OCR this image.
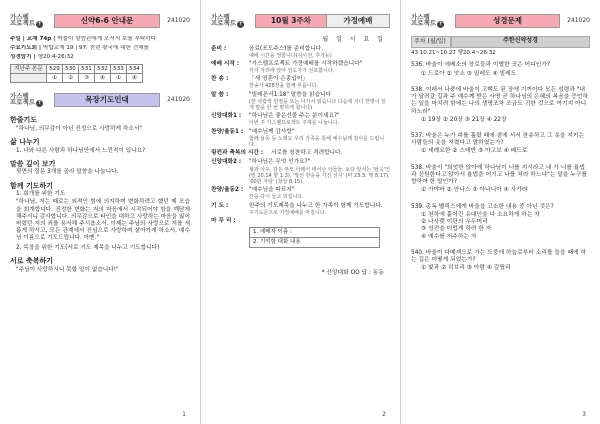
가스펠
프로젝트 ✝	신약6-6 안내문	241020
주일 | 교재 74p | 박물이 말씀관에게 오셔서 보를 부탁하다
수요기도회 | 박합교재 19 | 97. 천년 왕국에 대한 견해를
성경암기 | 행20:4-26:32
지난주 본문	529	530	531	532	533	534
	①	②	③	④	①	④
가스펠
프로젝트 ✝	목장기도인대	241020
한줄기도
"하나님, 의무감이 아닌 진정으로 사랑하게 하소서"
삶 나누기
1. 나와 다른 사람과 하나님안에서 느낀적이 있나요?
말씀 깊이 보기
뒷면의 질문 3개를 골라 말씀을 나눕니다.
함께 기도하기
1. 회개를 위한 기도
"하나님, 저는 때로는 외적인 힘에 의지하며 변화하려고 했던 제 모습을 회개합니다. 진정한 변화는 저의 마음에서 시작되어야 함을 깨닫게 해주시니 감사합니다. 의무감으로 타인을 대하고 사랑하는 마음을 잃어버렸던 저의 죄를 용서해 주시옵소서. 이제는 주님의 사랑으로 저를 새롭게 하시고, 모든 관계에서 진심으로 사랑하며 살아가게 하소서. 예수님 이름으로 기도드립니다. 아멘."
2. 목장을 위한 기도(서로 기도 제목을 나누고 기도합니다)
서로 축복하기
"주님이 사랑하시니 못할 일이 없습니다!"
1
가스펠
프로젝트 ✝	10월 3주차	가정예배
월 일 시 요 일
준비 :	음료(포도주스)를 준비합니다.
예배 시간을 정합니다(식사전, 후가능)
예배 시작 :	"가스펠프로젝트 가정예배를 시작하겠습니다"
각자 자리에 앉아 인도자가 선포합니다.
찬 송 :	「새 영혼이 은총입어」
찬송가 428장을 함께 부릅니다.
말 씀 :	"빌레몬서1:18" 말씀을 읽습니다
(한 사람씩 한절을 또는 나가서 읽습니다 다음에 자녀 한명이 읽게 말을 한 번 말하게 합니다)
신앙대화1 :	"하나님은 좋은선물 주는 분이세요?"
이번 주 가스펠프로젝트 주제를 나눕니다.
찬양/율동1 :	"예수님께 감사합"
함께 율동 등 노래도 우리 가족을 통해 예수님께 감사를 드립니다.
링컨과 축복의 시간 :	서로를 칭찬하고 격려합니다.
신앙대화2 :	"하나님은 무엇 인가요?"
형과 아우, 같은 부모 아래서 태어난 아들들. 보다 앞서는 '탈옥'인 (빌 20:14 향 1:3), '앞선 반응을 가진 선지' (마 23:3; 행 8:17), '00한 자랑' (창상 8:15)
찬양/율동2 :	"예수님을 따르지"
잔을 다시 들고 외칩니다.
기 도 :	한주의 기도제목을 나누고 한 가족이 함께 기도합니다.
주기도문으로 가정예배를 마칩니다.
마 무 리 :
1. 예배자 이름 :
2. 기억할 대화 내용
* 신앙대화 OO 답 : 동동
2
가스펠
프로젝트 ✝	성경문제	241020
주차 (월/일)	주한신약성경
43 10.21~10.27 행20:4~26:32
536. 바울이 에베소의 장로들과 이별한 곳은 어디인가?
① 드로아 ② 앗소 ③ 밀레도 ④ 빌레도
538. 이래서 나중에 바울이 고백도 된 장에 기꺼이다 모든 성령과 "내가 달려갈 길과 주 예수께 받은 사명 곧 하나님의 은혜의 복음을 증언하는 일을 마치려 함에는 나의 생명조차 조금도 귀한 것으로 여기지 아니하노라"
① 19장 ② 20장 ③ 21장 ④ 22장
537. 바울은 누가 피를 흘렸 때에 곁에 서서 찬송하고 그 옷을 지키는 사람들의 옷을 지켰다고 말하였는가?
① 세례요한 ② 스데반 ③ 야고보 ④ 베드로
538. 바울이 "희엇한 앉아에 하나님이 너를 지시라고 내 가 너를 율법과 신원한다고 앉아서 율법을 어기고 나를 치라 하느냐"는 말을 누구를 향하여 한 말인가?
① 가야바 ② 안나스 ③ 아나니아 ④ 사가랴
539. 총독 벨릭스에게 바울을 고소한 내용 중 아닌 것은?
① 천하에 흩어진 유대인을 다 소요하게 하는 자
② 나사렛 이단의 우두머리
③ 성전을 더럽게 하려 한 자
④ 예수를 저주하는 자
540. 바울이 다메섹으로 가는 도중에 하늘로부터 소리를 들을 때에 하는 길은 어떻게 되었는가?
① 빛과 ② 히브리 ③ 아람 ④ 갈릴리
3
